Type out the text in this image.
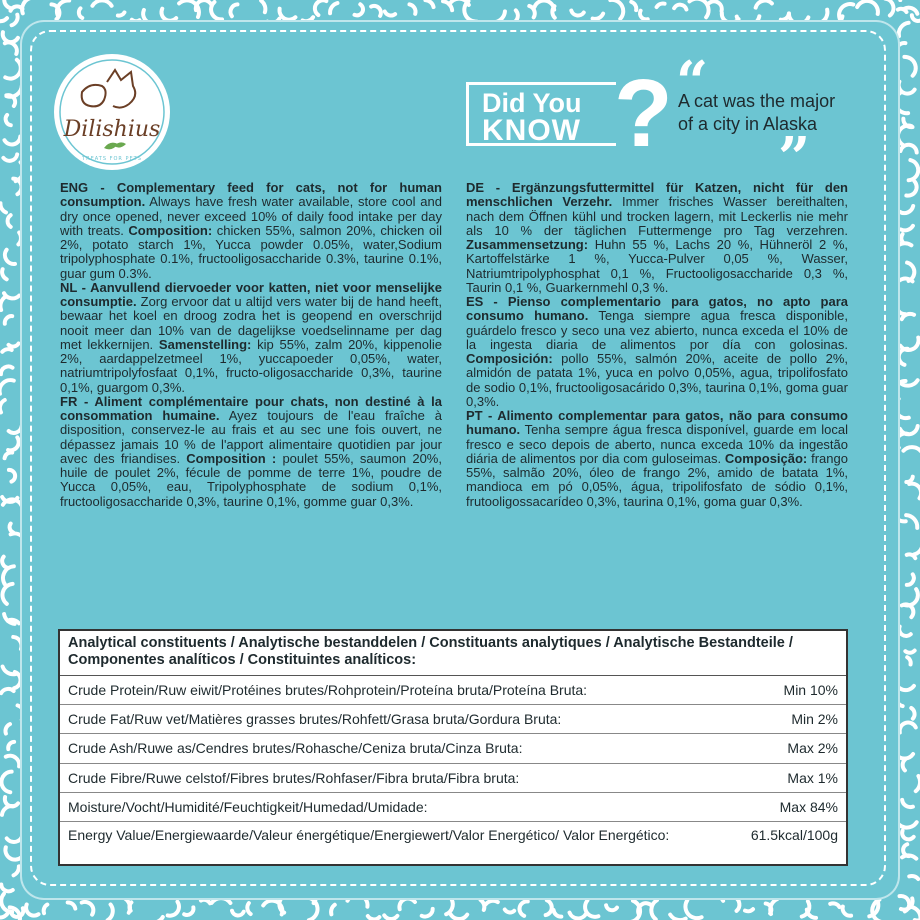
Dilishius
TREATS FOR PETS
Did You
KNOW ? “
A cat was the major of a city in Alaska
”

ENG - Complementary feed for cats, not for human consumption. Always have fresh water available, store cool and dry once opened, never exceed 10% of daily food intake per day with treats. Composition: chicken 55%, salmon 20%, chicken oil 2%, potato starch 1%, Yucca powder 0.05%, water,Sodium tripolyphosphate 0.1%, fructooligosaccharide 0.3%, taurine 0.1%, guar gum 0.3%.

NL - Aanvullend diervoeder voor katten, niet voor menselijke consumptie. Zorg ervoor dat u altijd vers water bij de hand heeft, bewaar het koel en droog zodra het is geopend en overschrijd nooit meer dan 10% van de dagelijkse voedselinname per dag met lekkernijen. Samenstelling: kip 55%, zalm 20%, kippenolie 2%, aardappelzetmeel 1%, yuccapoeder 0,05%, water, natriumtripolyfosfaat 0,1%, fructo-oligosaccharide 0,3%, taurine 0,1%, guargom 0,3%.

FR - Aliment complémentaire pour chats, non destiné à la consommation humaine. Ayez toujours de l'eau fraîche à disposition, conservez-le au frais et au sec une fois ouvert, ne dépassez jamais 10 % de l'apport alimentaire quotidien par jour avec des friandises. Composition : poulet 55%, saumon 20%, huile de poulet 2%, fécule de pomme de terre 1%, poudre de Yucca 0,05%, eau, Tripolyphosphate de sodium 0,1%, fructooligosaccharide 0,3%, taurine 0,1%, gomme guar 0,3%.

DE - Ergänzungsfuttermittel für Katzen, nicht für den menschlichen Verzehr. Immer frisches Wasser bereithalten, nach dem Öffnen kühl und trocken lagern, mit Leckerlis nie mehr als 10 % der täglichen Futtermenge pro Tag verzehren. Zusammensetzung: Huhn 55 %, Lachs 20 %, Hühneröl 2 %, Kartoffelstärke 1 %, Yucca-Pulver 0,05 %, Wasser, Natriumtripolyphosphat 0,1 %, Fructooligosaccharide 0,3 %, Taurin 0,1 %, Guarkernmehl 0,3 %.

ES - Pienso complementario para gatos, no apto para consumo humano. Tenga siempre agua fresca disponible, guárdelo fresco y seco una vez abierto, nunca exceda el 10% de la ingesta diaria de alimentos por día con golosinas. Composición: pollo 55%, salmón 20%, aceite de pollo 2%, almidón de patata 1%, yuca en polvo 0,05%, agua, tripolifosfato de sodio 0,1%, fructooligosacárido 0,3%, taurina 0,1%, goma guar 0,3%.

PT - Alimento complementar para gatos, não para consumo humano. Tenha sempre água fresca disponível, guarde em local fresco e seco depois de aberto, nunca exceda 10% da ingestão diária de alimentos por dia com guloseimas. Composição: frango 55%, salmão 20%, óleo de frango 2%, amido de batata 1%, mandioca em pó 0,05%, água, tripolifosfato de sódio 0,1%, frutooligossacarídeo 0,3%, taurina 0,1%, goma guar 0,3%.

Analytical constituents / Analytische bestanddelen / Constituants analytiques / Analytische Bestandteile / Componentes analíticos / Constituintes analíticos:
Crude Protein/Ruw eiwit/Protéines brutes/Rohprotein/Proteína bruta/Proteína Bruta:	Min 10%
Crude Fat/Ruw vet/Matières grasses brutes/Rohfett/Grasa bruta/Gordura Bruta:	Min 2%
Crude Ash/Ruwe as/Cendres brutes/Rohasche/Ceniza bruta/Cinza Bruta:	Max 2%
Crude Fibre/Ruwe celstof/Fibres brutes/Rohfaser/Fibra bruta/Fibra bruta:	Max 1%
Moisture/Vocht/Humidité/Feuchtigkeit/Humedad/Umidade:	Max 84%
Energy Value/Energiewaarde/Valeur énergétique/Energiewert/Valor Energético/ Valor Energético:	61.5kcal/100g
